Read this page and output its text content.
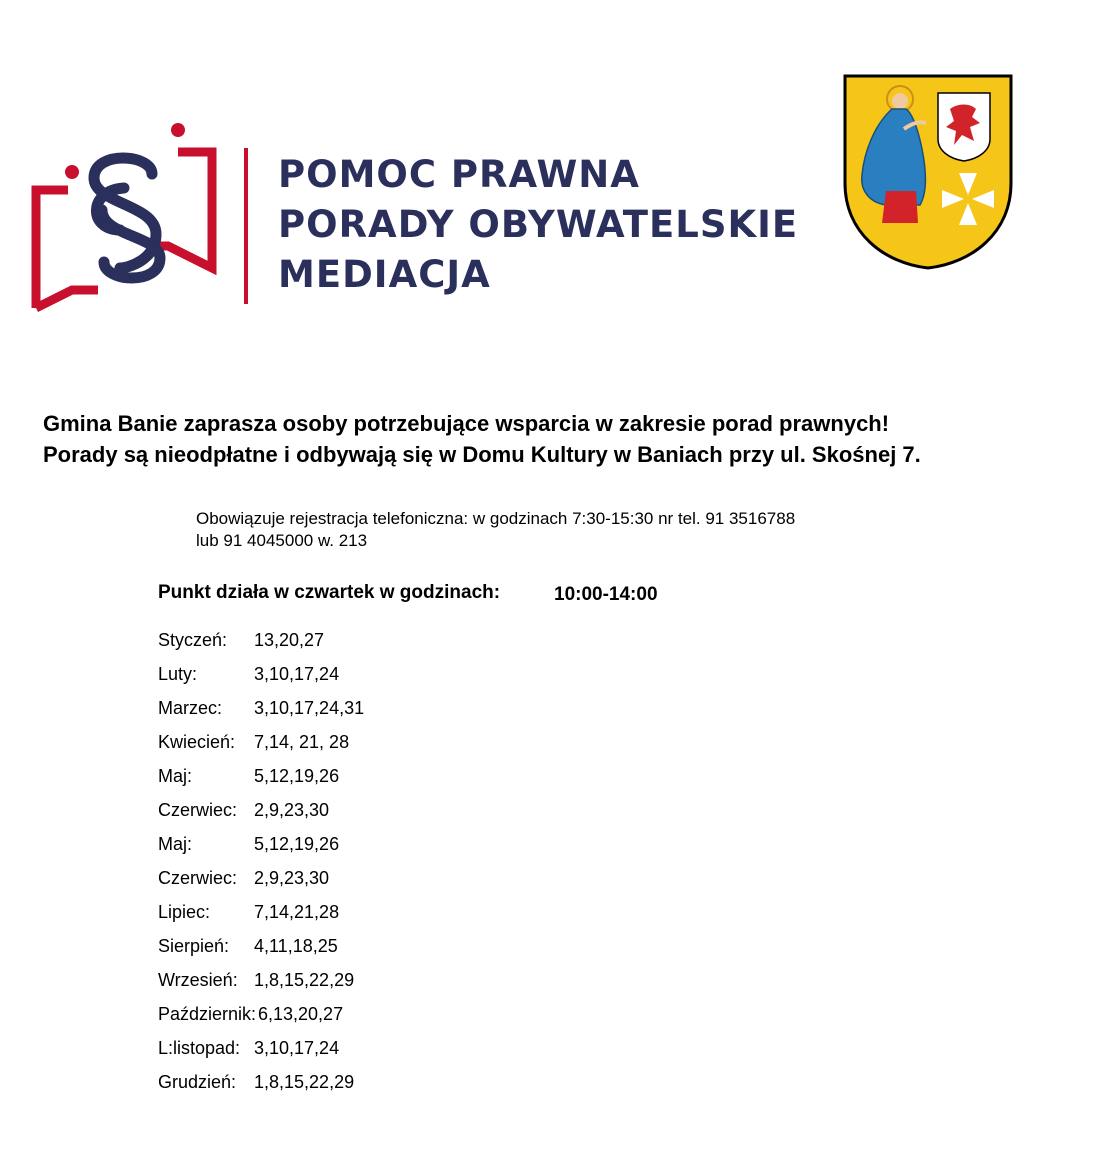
POMOC PRAWNA
PORADY OBYWATELSKIE
MEDIACJA
Gmina Banie zaprasza osoby potrzebujące wsparcia w zakresie porad prawnych!
Porady są nieodpłatne i odbywają się w Domu Kultury w Baniach przy ul. Skośnej 7.
Obowiązuje rejestracja telefoniczna: w godzinach 7:30-15:30 nr tel. 91 3516788 lub 91 4045000 w. 213
Punkt działa w czwartek w godzinach:	10:00-14:00
Styczeń: 13,20,27
Luty:	3,10,17,24
Marzec: 3,10,17,24,31
Kwiecień: 7,14, 21, 28
Maj:	5,12,19,26
Czerwiec: 2,9,23,30
Maj:	5,12,19,26
Czerwiec: 2,9,23,30
Lipiec: 7,14,21,28
Sierpień: 4,11,18,25
Wrzesień: 1,8,15,22,29
Październik: 6,13,20,27
L:listopad: 3,10,17,24
Grudzień: 1,8,15,22,29
